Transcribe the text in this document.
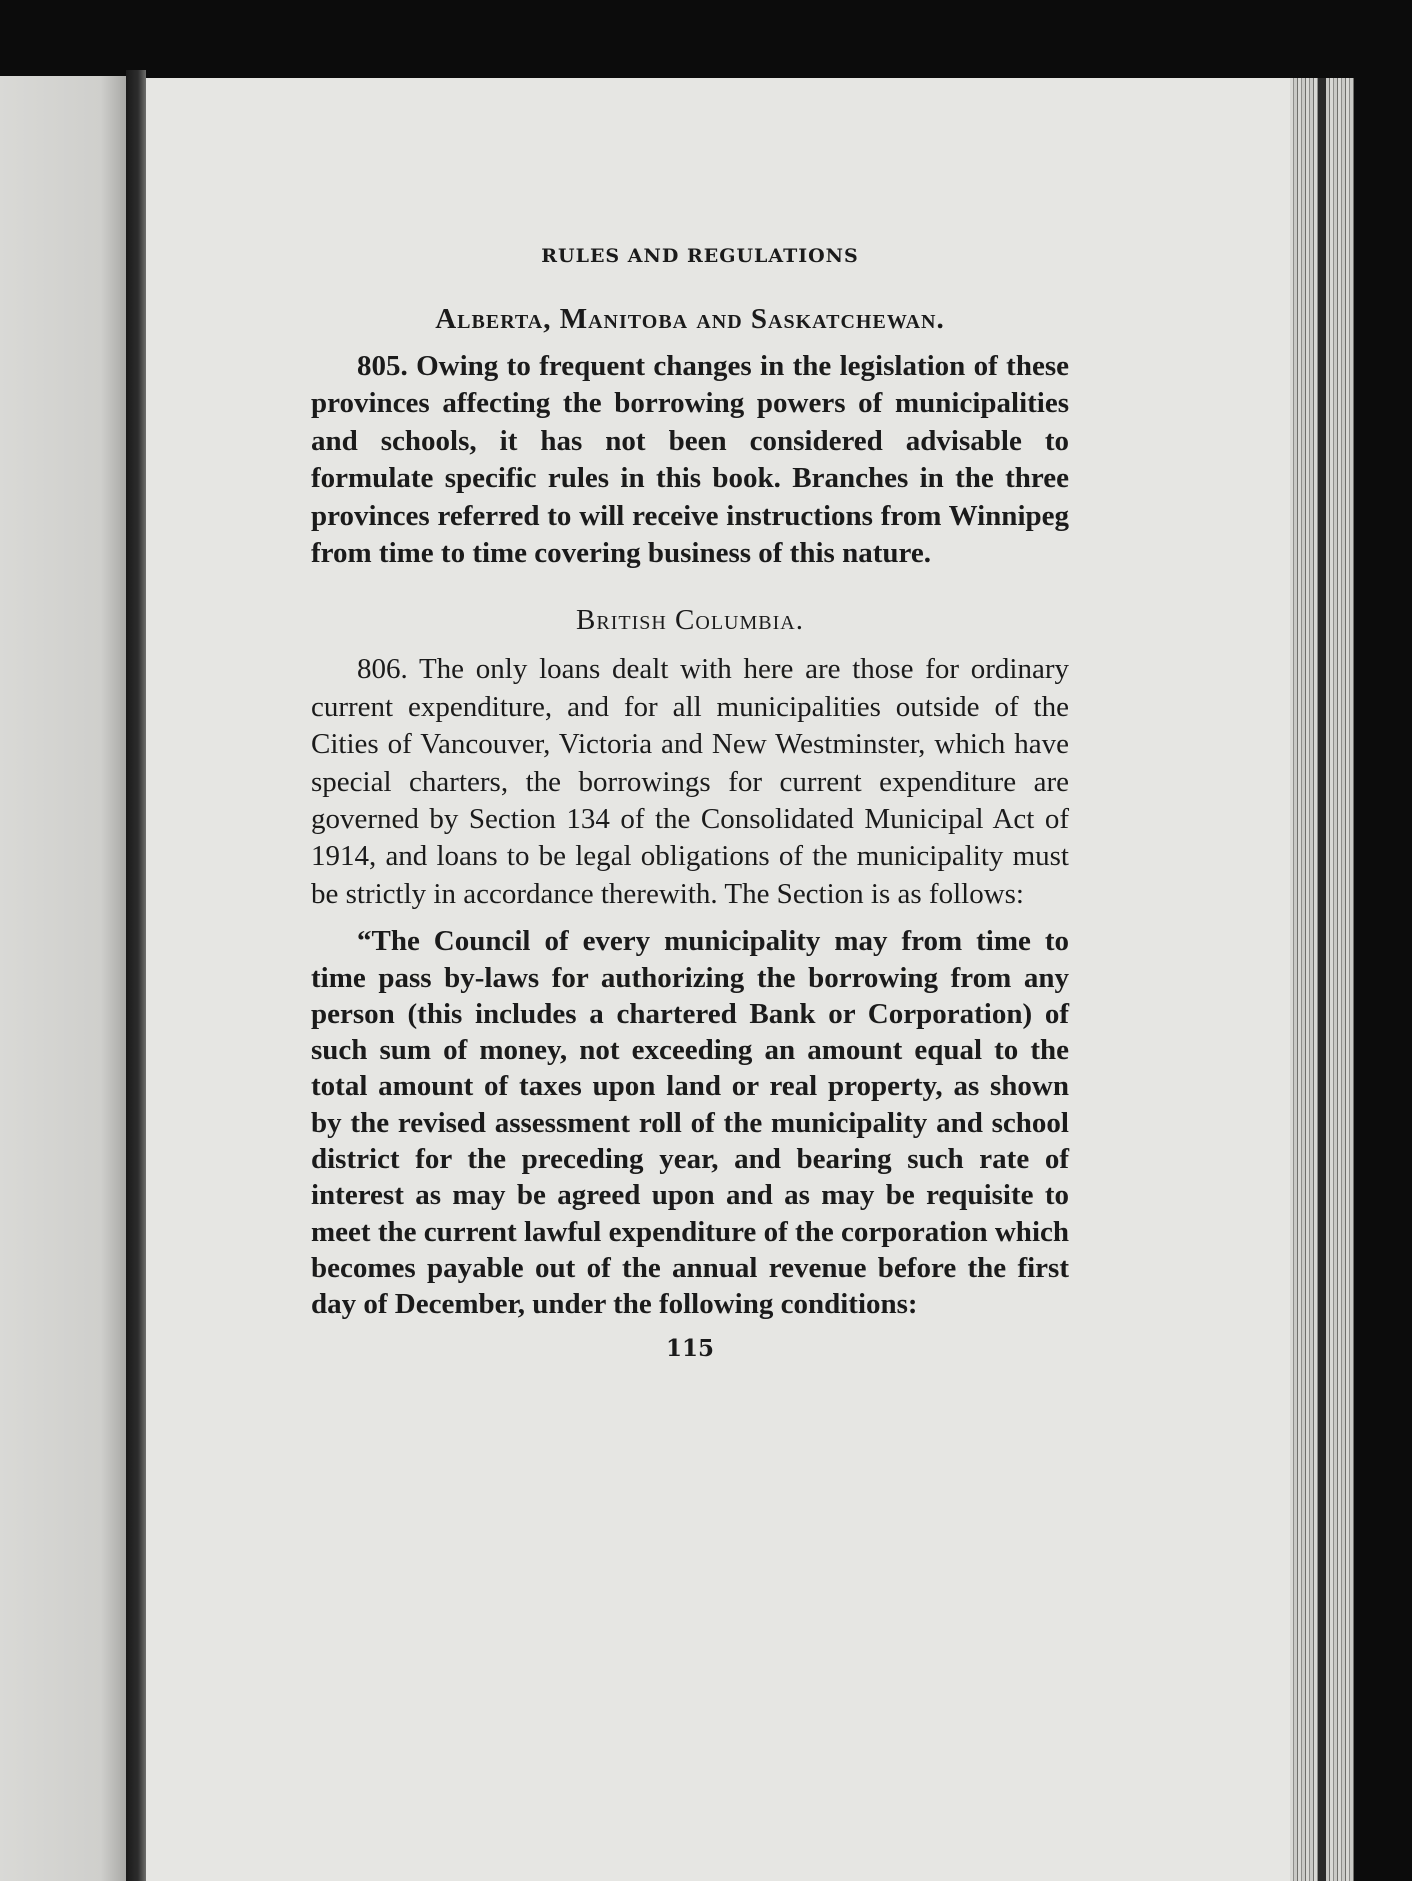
RULES AND REGULATIONS
Alberta, Manitoba and Saskatchewan.

805. Owing to frequent changes in the legislation of these provinces affecting the borrowing powers of municipalities and schools, it has not been considered advisable to formulate specific rules in this book. Branches in the three provinces referred to will receive instructions from Winnipeg from time to time covering business of this nature.

British Columbia.

806. The only loans dealt with here are those for ordinary current expenditure, and for all municipalities outside of the Cities of Vancouver, Victoria and New Westminster, which have special charters, the borrowings for current expenditure are governed by Section 134 of the Consolidated Municipal Act of 1914, and loans to be legal obligations of the municipality must be strictly in accordance therewith. The Section is as follows:

“The Council of every municipality may from time to time pass by-laws for authorizing the borrowing from any person (this includes a chartered Bank or Corporation) of such sum of money, not exceeding an amount equal to the total amount of taxes upon land or real property, as shown by the revised assessment roll of the municipality and school district for the preceding year, and bearing such rate of interest as may be agreed upon and as may be requisite to meet the current lawful expenditure of the corporation which becomes payable out of the annual revenue before the first day of December, under the following conditions:

115
